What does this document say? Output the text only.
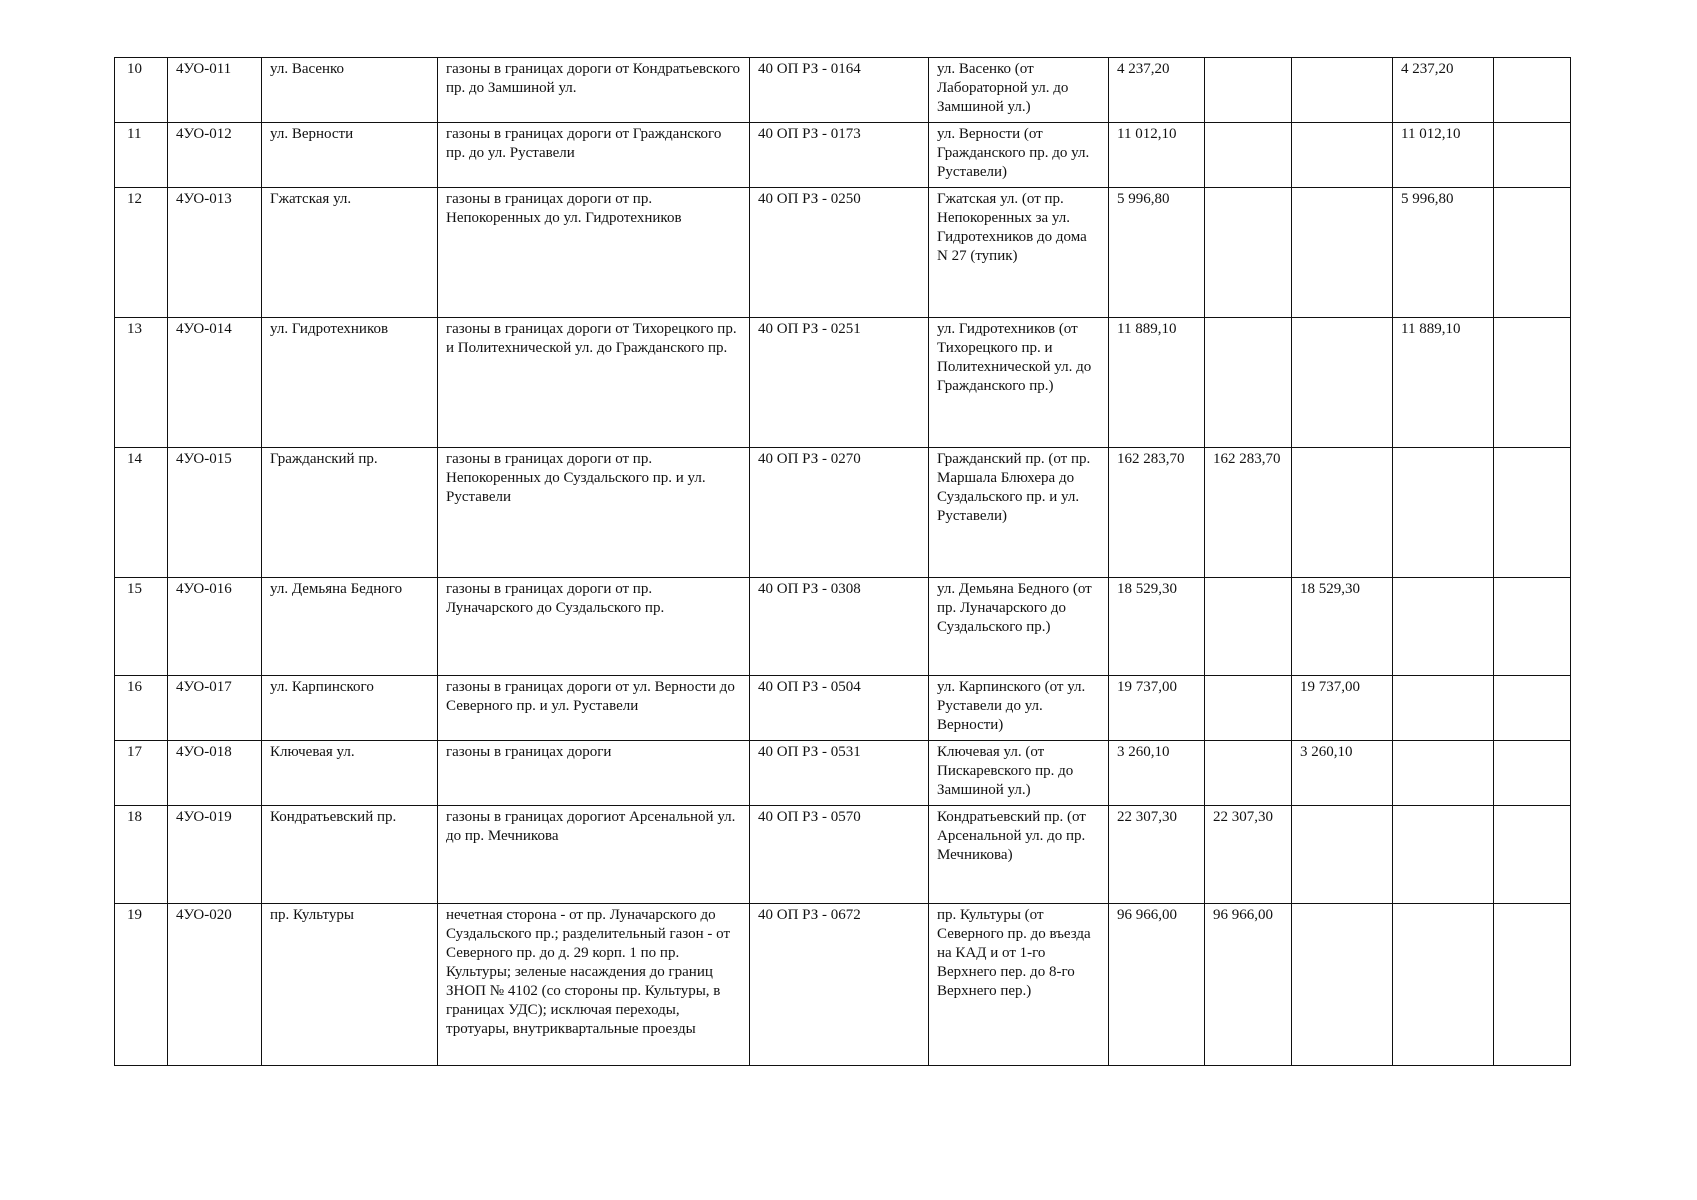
10	4УО-011	ул. Васенко	газоны в границах дороги от Кондратьевского пр. до Замшиной ул.	40 ОП РЗ - 0164	ул. Васенко (от Лабораторной ул. до Замшиной ул.)	4 237,20			4 237,20	
11	4УО-012	ул. Верности	газоны в границах дороги от Гражданского пр. до ул. Руставели	40 ОП РЗ - 0173	ул. Верности (от Гражданского пр. до ул. Руставели)	11 012,10			11 012,10	
12	4УО-013	Гжатская ул.	газоны в границах дороги от пр. Непокоренных до ул. Гидротехников	40 ОП РЗ - 0250	Гжатская ул. (от пр. Непокоренных за ул. Гидротехников до дома N 27 (тупик)	5 996,80			5 996,80	
13	4УО-014	ул. Гидротехников	газоны в границах дороги от Тихорецкого пр. и Политехнической ул. до Гражданского пр.	40 ОП РЗ - 0251	ул. Гидротехников (от Тихорецкого пр. и Политехнической ул. до Гражданского пр.)	11 889,10			11 889,10	
14	4УО-015	Гражданский пр.	газоны в границах дороги от пр. Непокоренных до Суздальского пр. и ул. Руставели	40 ОП РЗ - 0270	Гражданский пр. (от пр. Маршала Блюхера до Суздальского пр. и ул. Руставели)	162 283,70	162 283,70			
15	4УО-016	ул. Демьяна Бедного	газоны в границах дороги от пр. Луначарского до Суздальского пр.	40 ОП РЗ - 0308	ул. Демьяна Бедного (от пр. Луначарского до Суздальского пр.)	18 529,30		18 529,30		
16	4УО-017	ул. Карпинского	газоны в границах дороги от ул. Верности до Северного пр. и ул. Руставели	40 ОП РЗ - 0504	ул. Карпинского (от ул. Руставели до ул. Верности)	19 737,00		19 737,00		
17	4УО-018	Ключевая ул.	газоны в границах дороги	40 ОП РЗ - 0531	Ключевая ул. (от Пискаревского пр. до Замшиной ул.)	3 260,10		3 260,10		
18	4УО-019	Кондратьевский пр.	газоны в границах дорогиот Арсенальной ул. до пр. Мечникова	40 ОП РЗ - 0570	Кондратьевский пр. (от Арсенальной ул. до пр. Мечникова)	22 307,30	22 307,30			
19	4УО-020	пр. Культуры	нечетная сторона - от пр. Луначарского до Суздальского пр.; разделительный газон - от Северного пр. до д. 29 корп. 1 по пр. Культуры; зеленые насаждения до границ ЗНОП № 4102 (со стороны пр. Культуры, в границах УДС); исключая переходы, тротуары, внутриквартальные проезды	40 ОП РЗ - 0672	пр. Культуры (от Северного пр. до въезда на КАД и от 1-го Верхнего пер. до 8-го Верхнего пер.)	96 966,00	96 966,00			
